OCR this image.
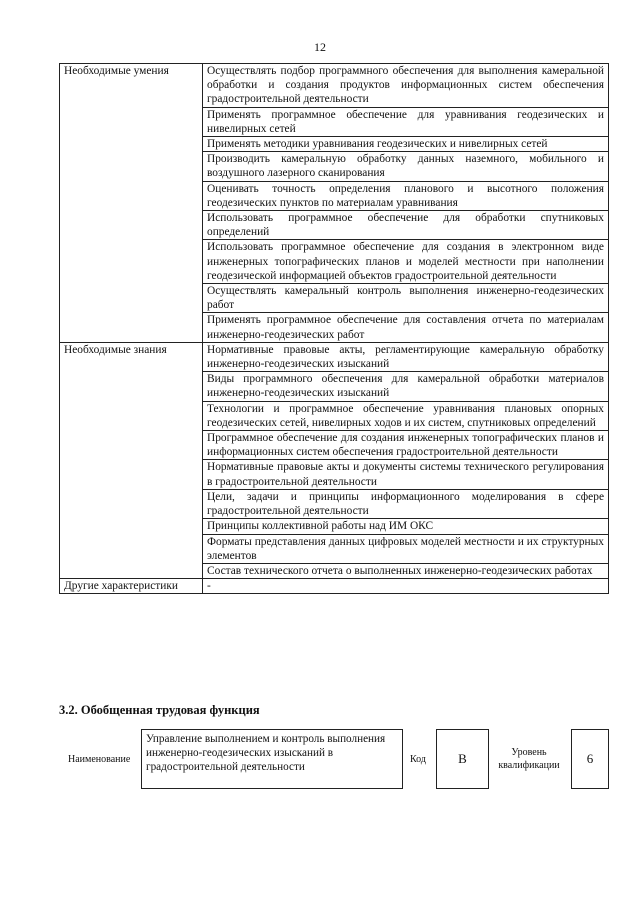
12
Необходимые умения	Осуществлять подбор программного обеспечения для выполнения камеральной обработки и создания продуктов информационных систем обеспечения градостроительной деятельности
	Применять программное обеспечение для уравнивания геодезических и нивелирных сетей
	Применять методики уравнивания геодезических и нивелирных сетей
	Производить камеральную обработку данных наземного, мобильного и воздушного лазерного сканирования
	Оценивать точность определения планового и высотного положения геодезических пунктов по материалам уравнивания
	Использовать программное обеспечение для обработки спутниковых определений
	Использовать программное обеспечение для создания в электронном виде инженерных топографических планов и моделей местности при наполнении геодезической информацией объектов градостроительной деятельности
	Осуществлять камеральный контроль выполнения инженерно-геодезических работ
	Применять программное обеспечение для составления отчета по материалам инженерно-геодезических работ
Необходимые знания	Нормативные правовые акты, регламентирующие камеральную обработку инженерно-геодезических изысканий
	Виды программного обеспечения для камеральной обработки материалов инженерно-геодезических изысканий
	Технологии и программное обеспечение уравнивания плановых опорных геодезических сетей, нивелирных ходов и их систем, спутниковых определений
	Программное обеспечение для создания инженерных топографических планов и информационных систем обеспечения градостроительной деятельности
	Нормативные правовые акты и документы системы технического регулирования в градостроительной деятельности
	Цели, задачи и принципы информационного моделирования в сфере градостроительной деятельности
	Принципы коллективной работы над ИМ ОКС
	Форматы представления данных цифровых моделей местности и их структурных элементов
	Состав технического отчета о выполненных инженерно-геодезических работах
Другие характеристики	-
3.2. Обобщенная трудовая функция
Наименование
Управление выполнением и контроль выполнения инженерно-геодезических изысканий в градостроительной деятельности
Код	B	Уровень квалификации	6
